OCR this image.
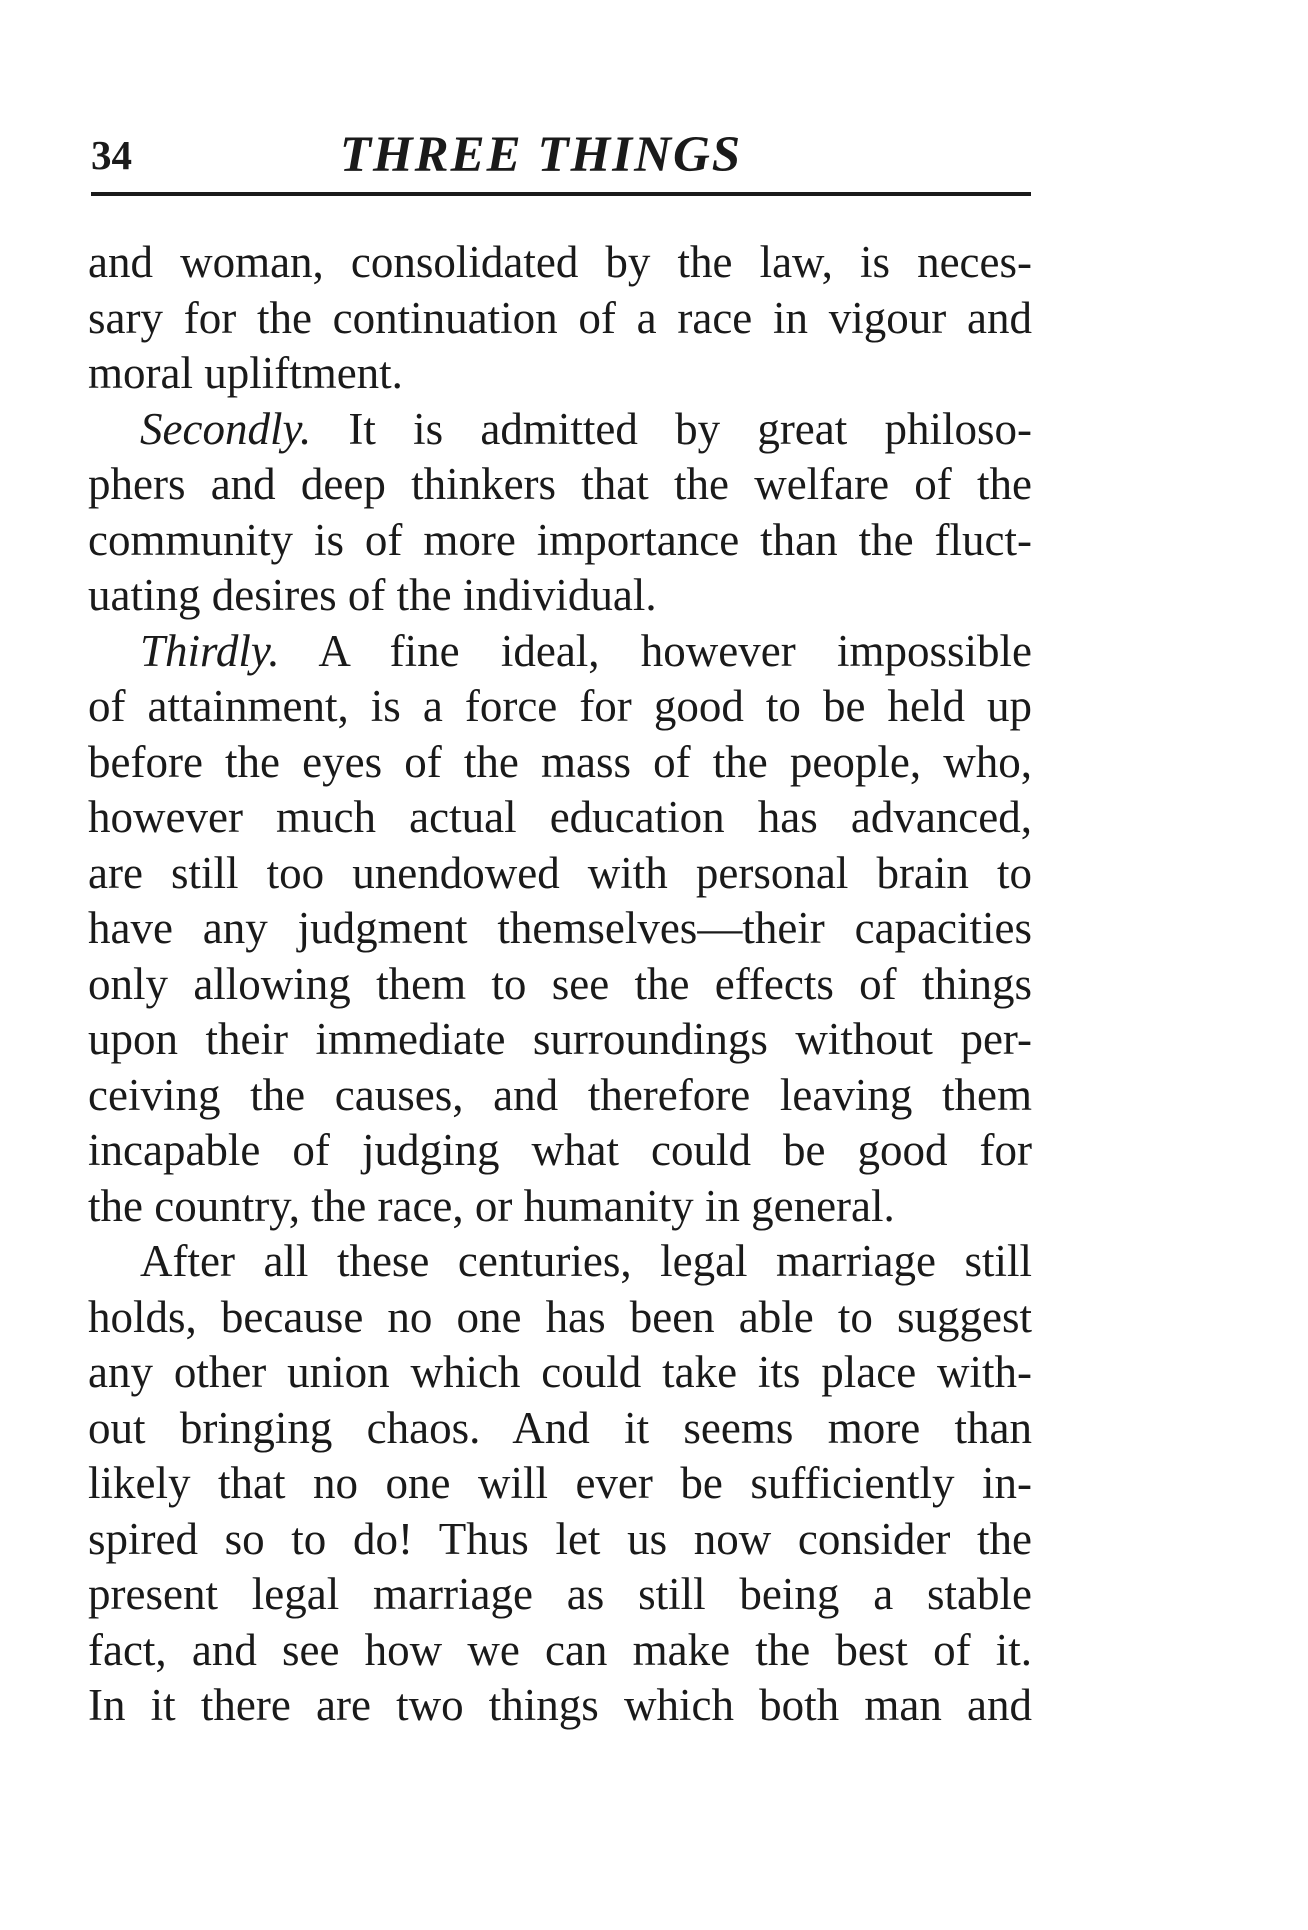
34	THREE THINGS
and woman, consolidated by the law, is neces-
sary for the continuation of a race in vigour and
moral upliftment.
Secondly. It is admitted by great philoso-
phers and deep thinkers that the welfare of the
community is of more importance than the fluct-
uating desires of the individual.
Thirdly. A fine ideal, however impossible
of attainment, is a force for good to be held up
before the eyes of the mass of the people, who,
however much actual education has advanced,
are still too unendowed with personal brain to
have any judgment themselves—their capacities
only allowing them to see the effects of things
upon their immediate surroundings without per-
ceiving the causes, and therefore leaving them
incapable of judging what could be good for
the country, the race, or humanity in general.
After all these centuries, legal marriage still
holds, because no one has been able to suggest
any other union which could take its place with-
out bringing chaos. And it seems more than
likely that no one will ever be sufficiently in-
spired so to do! Thus let us now consider the
present legal marriage as still being a stable
fact, and see how we can make the best of it.
In it there are two things which both man and
